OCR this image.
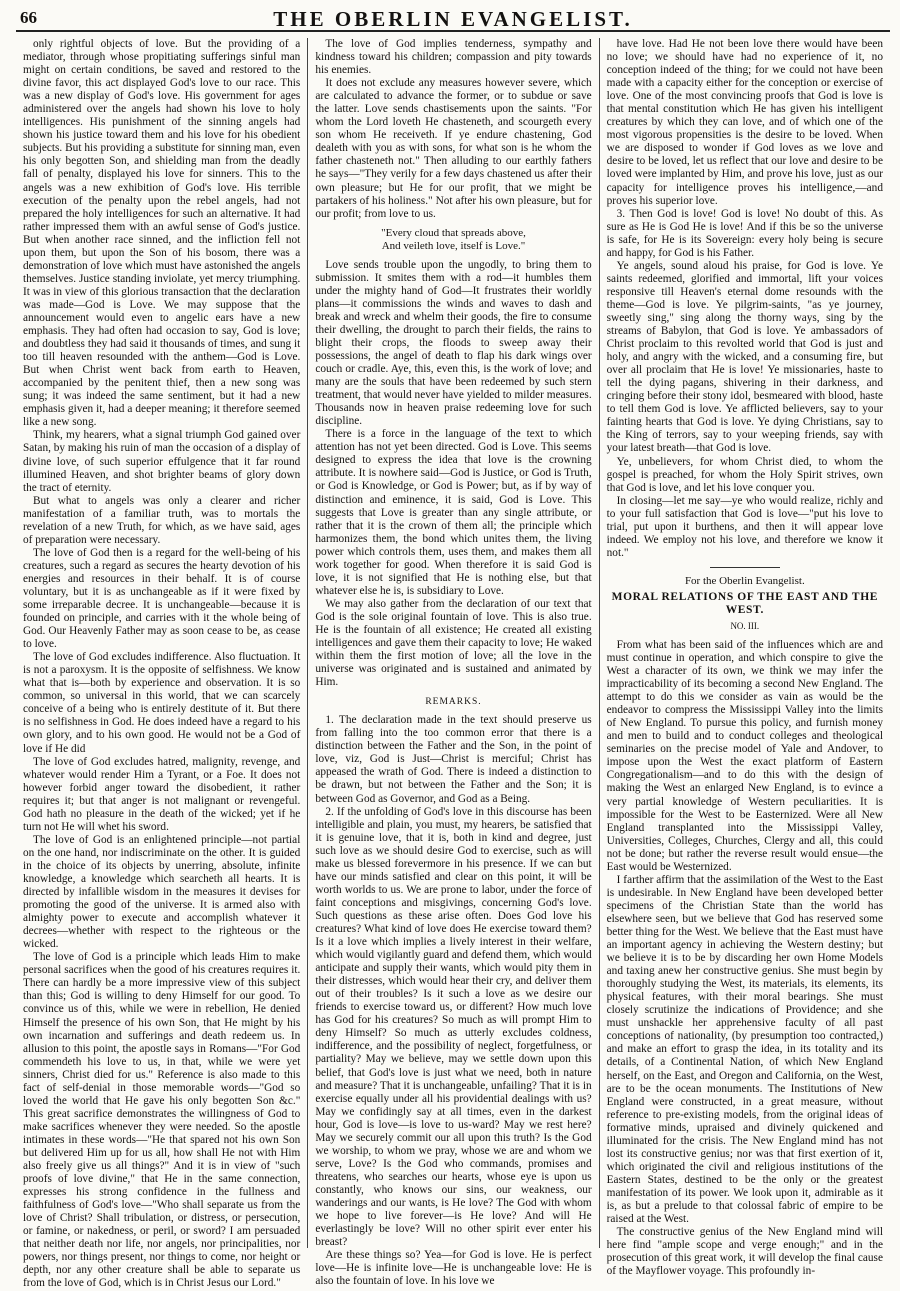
66	THE OBERLIN EVANGELIST.

only rightful objects of love. But the providing of a mediator, through whose propitiating sufferings sinful man might on certain conditions, be saved and restored to the divine favor, this act displayed God's love to our race. This was a new display of God's love. His government for ages administered over the angels had shown his love to holy intelligences. His punishment of the sinning angels had shown his justice toward them and his love for his obedient subjects. But his providing a substitute for sinning man, even his only begotten Son, and shielding man from the deadly fall of penalty, displayed his love for sinners. This to the angels was a new exhibition of God's love. His terrible execution of the penalty upon the rebel angels, had not prepared the holy intelligences for such an alternative. It had rather impressed them with an awful sense of God's justice. But when another race sinned, and the infliction fell not upon them, but upon the Son of his bosom, there was a demonstration of love which must have astonished the angels themselves. Justice standing inviolate, yet mercy triumphing. It was in view of this glorious transaction that the declaration was made—God is Love. We may suppose that the announcement would even to angelic ears have a new emphasis. They had often had occasion to say, God is love; and doubtless they had said it thousands of times, and sung it too till heaven resounded with the anthem—God is Love. But when Christ went back from earth to Heaven, accompanied by the penitent thief, then a new song was sung; it was indeed the same sentiment, but it had a new emphasis given it, had a deeper meaning; it therefore seemed like a new song.

Think, my hearers, what a signal triumph God gained over Satan, by making his ruin of man the occasion of a display of divine love, of such superior effulgence that it far round illumined Heaven, and shot brighter beams of glory down the tract of eternity.

But what to angels was only a clearer and richer manifestation of a familiar truth, was to mortals the revelation of a new Truth, for which, as we have said, ages of preparation were necessary.

The love of God then is a regard for the well-being of his creatures, such a regard as secures the hearty devotion of his energies and resources in their behalf. It is of course voluntary, but it is as unchangeable as if it were fixed by some irreparable decree. It is unchangeable—because it is founded on principle, and carries with it the whole being of God. Our Heavenly Father may as soon cease to be, as cease to love.

The love of God excludes indifference. Also fluctuation. It is not a paroxysm. It is the opposite of selfishness. We know what that is—both by experience and observation. It is so common, so universal in this world, that we can scarcely conceive of a being who is entirely destitute of it. But there is no selfishness in God. He does indeed have a regard to his own glory, and to his own good. He would not be a God of love if He did

The love of God excludes hatred, malignity, revenge, and whatever would render Him a Tyrant, or a Foe. It does not however forbid anger toward the disobedient, it rather requires it; but that anger is not malignant or revengeful. God hath no pleasure in the death of the wicked; yet if he turn not He will whet his sword.

The love of God is an enlightened principle—not partial on the one hand, nor indiscriminate on the other. It is guided in the choice of its objects by unerring, absolute, infinite knowledge, a knowledge which searcheth all hearts. It is directed by infallible wisdom in the measures it devises for promoting the good of the universe. It is armed also with almighty power to execute and accomplish whatever it decrees—whether with respect to the righteous or the wicked.

The love of God is a principle which leads Him to make personal sacrifices when the good of his creatures requires it. There can hardly be a more impressive view of this subject than this; God is willing to deny Himself for our good. To convince us of this, while we were in rebellion, He denied Himself the presence of his own Son, that He might by his own incarnation and sufferings and death redeem us. In allusion to this point, the apostle says in Romans—"For God commendeth his love to us, in that, while we were yet sinners, Christ died for us." Reference is also made to this fact of self-denial in those memorable words—"God so loved the world that He gave his only begotten Son &c." This great sacrifice demonstrates the willingness of God to make sacrifices whenever they were needed. So the apostle intimates in these words—"He that spared not his own Son but delivered Him up for us all, how shall He not with Him also freely give us all things?" And it is in view of "such proofs of love divine," that He in the same connection, expresses his strong confidence in the fullness and faithfulness of God's love—"Who shall separate us from the love of Christ? Shall tribulation, or distress, or persecution, or famine, or nakedness, or peril, or sword? I am persuaded that neither death nor life, nor angels, nor principalities, nor powers, nor things present, nor things to come, nor height or depth, nor any other creature shall be able to separate us from the love of God, which is in Christ Jesus our Lord."

The love of God implies tenderness, sympathy and kindness toward his children; compassion and pity towards his enemies.

It does not exclude any measures however severe, which are calculated to advance the former, or to subdue or save the latter. Love sends chastisements upon the saints. "For whom the Lord loveth He chasteneth, and scourgeth every son whom He receiveth. If ye endure chastening, God dealeth with you as with sons, for what son is he whom the father chasteneth not." Then alluding to our earthly fathers he says—"They verily for a few days chastened us after their own pleasure; but He for our profit, that we might be partakers of his holiness." Not after his own pleasure, but for our profit; from love to us.

"Every cloud that spreads above,
And veileth love, itself is Love."

Love sends trouble upon the ungodly, to bring them to submission. It smites them with a rod—it humbles them under the mighty hand of God—It frustrates their worldly plans—it commissions the winds and waves to dash and break and wreck and whelm their goods, the fire to consume their dwelling, the drought to parch their fields, the rains to blight their crops, the floods to sweep away their possessions, the angel of death to flap his dark wings over couch or cradle. Aye, this, even this, is the work of love; and many are the souls that have been redeemed by such stern treatment, that would never have yielded to milder measures. Thousands now in heaven praise redeeming love for such discipline.

There is a force in the language of the text to which attention has not yet been directed. God is Love. This seems designed to express the idea that love is the crowning attribute. It is nowhere said—God is Justice, or God is Truth, or God is Knowledge, or God is Power; but, as if by way of distinction and eminence, it is said, God is Love. This suggests that Love is greater than any single attribute, or rather that it is the crown of them all; the principle which harmonizes them, the bond which unites them, the living power which controls them, uses them, and makes them all work together for good. When therefore it is said God is love, it is not signified that He is nothing else, but that whatever else he is, is subsidiary to Love.

We may also gather from the declaration of our text that God is the sole original fountain of love. This is also true. He is the fountain of all existence; He created all existing intelligences and gave them their capacity to love; He waked within them the first motion of love; all the love in the universe was originated and is sustained and animated by Him.

REMARKS.

1. The declaration made in the text should preserve us from falling into the too common error that there is a distinction between the Father and the Son, in the point of love, viz, God is Just—Christ is merciful; Christ has appeased the wrath of God. There is indeed a distinction to be drawn, but not between the Father and the Son; it is between God as Governor, and God as a Being.

2. If the unfolding of God's love in this discourse has been intelligible and plain, you must, my hearers, be satisfied that it is genuine love, that it is, both in kind and degree, just such love as we should desire God to exercise, such as will make us blessed forevermore in his presence. If we can but have our minds satisfied and clear on this point, it will be worth worlds to us. We are prone to labor, under the force of faint conceptions and misgivings, concerning God's love. Such questions as these arise often. Does God love his creatures? What kind of love does He exercise toward them? Is it a love which implies a lively interest in their welfare, which would vigilantly guard and defend them, which would anticipate and supply their wants, which would pity them in their distresses, which would hear their cry, and deliver them out of their troubles? Is it such a love as we desire our friends to exercise toward us, or different? How much love has God for his creatures? So much as will prompt Him to deny Himself? So much as utterly excludes coldness, indifference, and the possibility of neglect, forgetfulness, or partiality? May we believe, may we settle down upon this belief, that God's love is just what we need, both in nature and measure? That it is unchangeable, unfailing? That it is in exercise equally under all his providential dealings with us? May we confidingly say at all times, even in the darkest hour, God is love—is love to us-ward? May we rest here? May we securely commit our all upon this truth? Is the God we worship, to whom we pray, whose we are and whom we serve, Love? Is the God who commands, promises and threatens, who searches our hearts, whose eye is upon us constantly, who knows our sins, our weakness, our wanderings and our wants, is He love? The God with whom we hope to live forever—is He love? And will He everlastingly be love? Will no other spirit ever enter his breast?

Are these things so? Yea—for God is love. He is perfect love—He is infinite love—He is unchangeable love: He is also the fountain of love. In his love we

have love. Had He not been love there would have been no love; we should have had no experience of it, no conception indeed of the thing; for we could not have been made with a capacity either for the conception or exercise of love. One of the most convincing proofs that God is love is that mental constitution which He has given his intelligent creatures by which they can love, and of which one of the most vigorous propensities is the desire to be loved. When we are disposed to wonder if God loves as we love and desire to be loved, let us reflect that our love and desire to be loved were implanted by Him, and prove his love, just as our capacity for intelligence proves his intelligence,—and proves his superior love.

3. Then God is love! God is love! No doubt of this. As sure as He is God He is love! And if this be so the universe is safe, for He is its Sovereign: every holy being is secure and happy, for God is his Father.

Ye angels, sound aloud his praise, for God is love. Ye saints redeemed, glorified and immortal, lift your voices responsive till Heaven's eternal dome resounds with the theme—God is love. Ye pilgrim-saints, "as ye journey, sweetly sing," sing along the thorny ways, sing by the streams of Babylon, that God is love. Ye ambassadors of Christ proclaim to this revolted world that God is just and holy, and angry with the wicked, and a consuming fire, but over all proclaim that He is love! Ye missionaries, haste to tell the dying pagans, shivering in their darkness, and cringing before their stony idol, besmeared with blood, haste to tell them God is love. Ye afflicted believers, say to your fainting hearts that God is love. Ye dying Christians, say to the King of terrors, say to your weeping friends, say with your latest breath—that God is love.

Ye, unbelievers, for whom Christ died, to whom the gospel is preached, for whom the Holy Spirit strives, own that God is love, and let his love conquer you.

In closing—let me say—ye who would realize, richly and to your full satisfaction that God is love—"put his love to trial, put upon it burthens, and then it will appear love indeed. We employ not his love, and therefore we know it not."

For the Oberlin Evangelist.
MORAL RELATIONS OF THE EAST AND THE WEST.
NO. III.

From what has been said of the influences which are and must continue in operation, and which conspire to give the West a character of its own, we think we may infer the impracticability of its becoming a second New England. The attempt to do this we consider as vain as would be the endeavor to compress the Mississippi Valley into the limits of New England. To pursue this policy, and furnish money and men to build and to conduct colleges and theological seminaries on the precise model of Yale and Andover, to impose upon the West the exact platform of Eastern Congregationalism—and to do this with the design of making the West an enlarged New England, is to evince a very partial knowledge of Western peculiarities. It is impossible for the West to be Easternized. Were all New England transplanted into the Mississippi Valley, Universities, Colleges, Churches, Clergy and all, this could not be done; but rather the reverse result would ensue—the East would be Westernized.

I farther affirm that the assimilation of the West to the East is undesirable. In New England have been developed better specimens of the Christian State than the world has elsewhere seen, but we believe that God has reserved some better thing for the West. We believe that the East must have an important agency in achieving the Western destiny; but we believe it is to be by discarding her own Home Models and taxing anew her constructive genius. She must begin by thoroughly studying the West, its materials, its elements, its physical features, with their moral bearings. She must closely scrutinize the indications of Providence; and she must unshackle her apprehensive faculty of all past conceptions of nationality, (by presumption too contracted,) and make an effort to grasp the idea, in its totality and its details, of a Continental Nation, of which New England herself, on the East, and Oregon and California, on the West, are to be the ocean monuments. The Institutions of New England were constructed, in a great measure, without reference to pre-existing models, from the original ideas of formative minds, upraised and divinely quickened and illuminated for the crisis. The New England mind has not lost its constructive genius; nor was that first exertion of it, which originated the civil and religious institutions of the Eastern States, destined to be the only or the greatest manifestation of its power. We look upon it, admirable as it is, as but a prelude to that colossal fabric of empire to be raised at the West.

The constructive genius of the New England mind will here find "ample scope and verge enough;" and in the prosecution of this great work, it will develop the final cause of the Mayflower voyage. This profoundly in-
